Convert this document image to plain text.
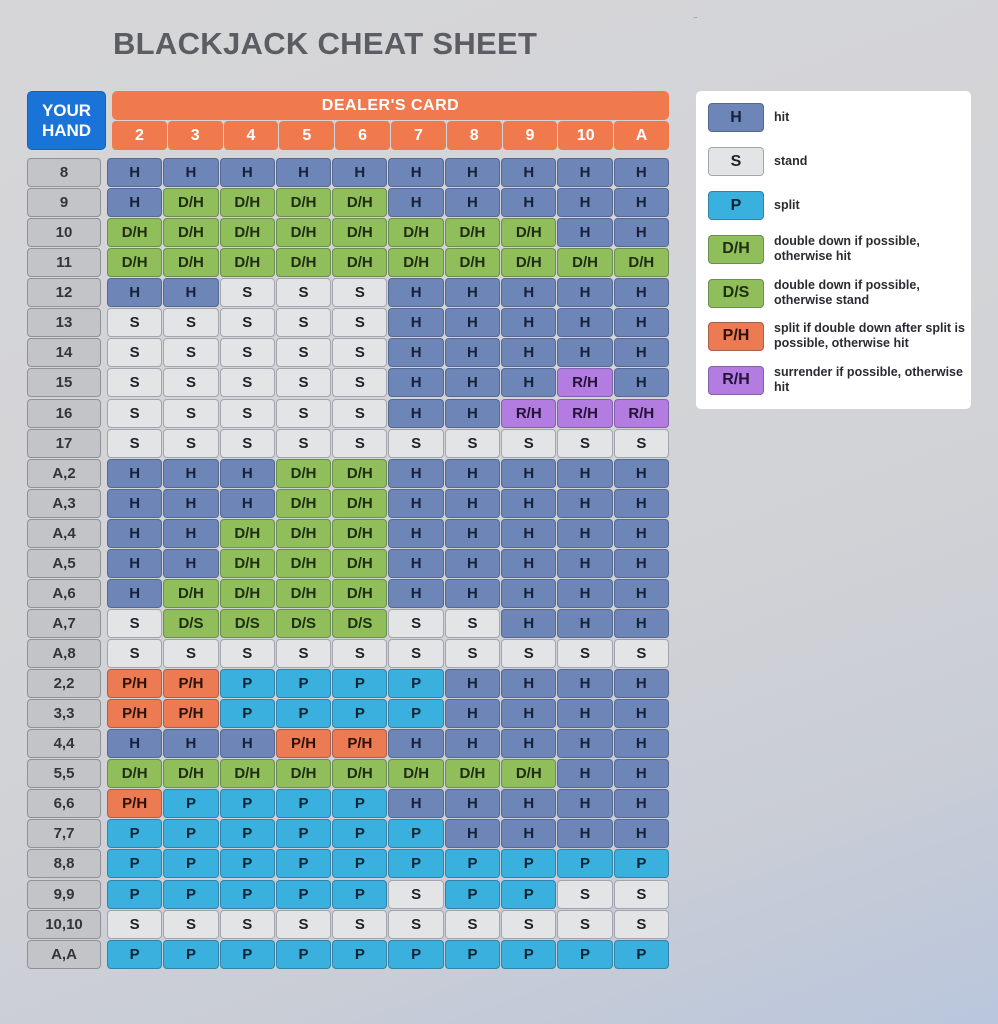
BLACKJACK CHEAT SHEET
YOUR
HAND
DEALER'S CARD
2	3	4	5	6	7	8	9	10	A
8	H	H	H	H	H	H	H	H	H	H
9	H	D/H	D/H	D/H	D/H	H	H	H	H	H
10	D/H	D/H	D/H	D/H	D/H	D/H	D/H	D/H	H	H
11	D/H	D/H	D/H	D/H	D/H	D/H	D/H	D/H	D/H	D/H
12	H	H	S	S	S	H	H	H	H	H
13	S	S	S	S	S	H	H	H	H	H
14	S	S	S	S	S	H	H	H	H	H
15	S	S	S	S	S	H	H	H	R/H	H
16	S	S	S	S	S	H	H	R/H	R/H	R/H
17	S	S	S	S	S	S	S	S	S	S
A,2	H	H	H	D/H	D/H	H	H	H	H	H
A,3	H	H	H	D/H	D/H	H	H	H	H	H
A,4	H	H	D/H	D/H	D/H	H	H	H	H	H
A,5	H	H	D/H	D/H	D/H	H	H	H	H	H
A,6	H	D/H	D/H	D/H	D/H	H	H	H	H	H
A,7	S	D/S	D/S	D/S	D/S	S	S	H	H	H
A,8	S	S	S	S	S	S	S	S	S	S
2,2	P/H	P/H	P	P	P	P	H	H	H	H
3,3	P/H	P/H	P	P	P	P	H	H	H	H
4,4	H	H	H	P/H	P/H	H	H	H	H	H
5,5	D/H	D/H	D/H	D/H	D/H	D/H	D/H	D/H	H	H
6,6	P/H	P	P	P	P	H	H	H	H	H
7,7	P	P	P	P	P	P	H	H	H	H
8,8	P	P	P	P	P	P	P	P	P	P
9,9	P	P	P	P	P	S	P	P	S	S
10,10	S	S	S	S	S	S	S	S	S	S
A,A	P	P	P	P	P	P	P	P	P	P
H	hit
S	stand
P	split
D/H	double down if possible, otherwise hit
D/S	double down if possible, otherwise stand
P/H	split if double down after split is possible, otherwise hit
R/H	surrender if possible, otherwise hit
⁻
